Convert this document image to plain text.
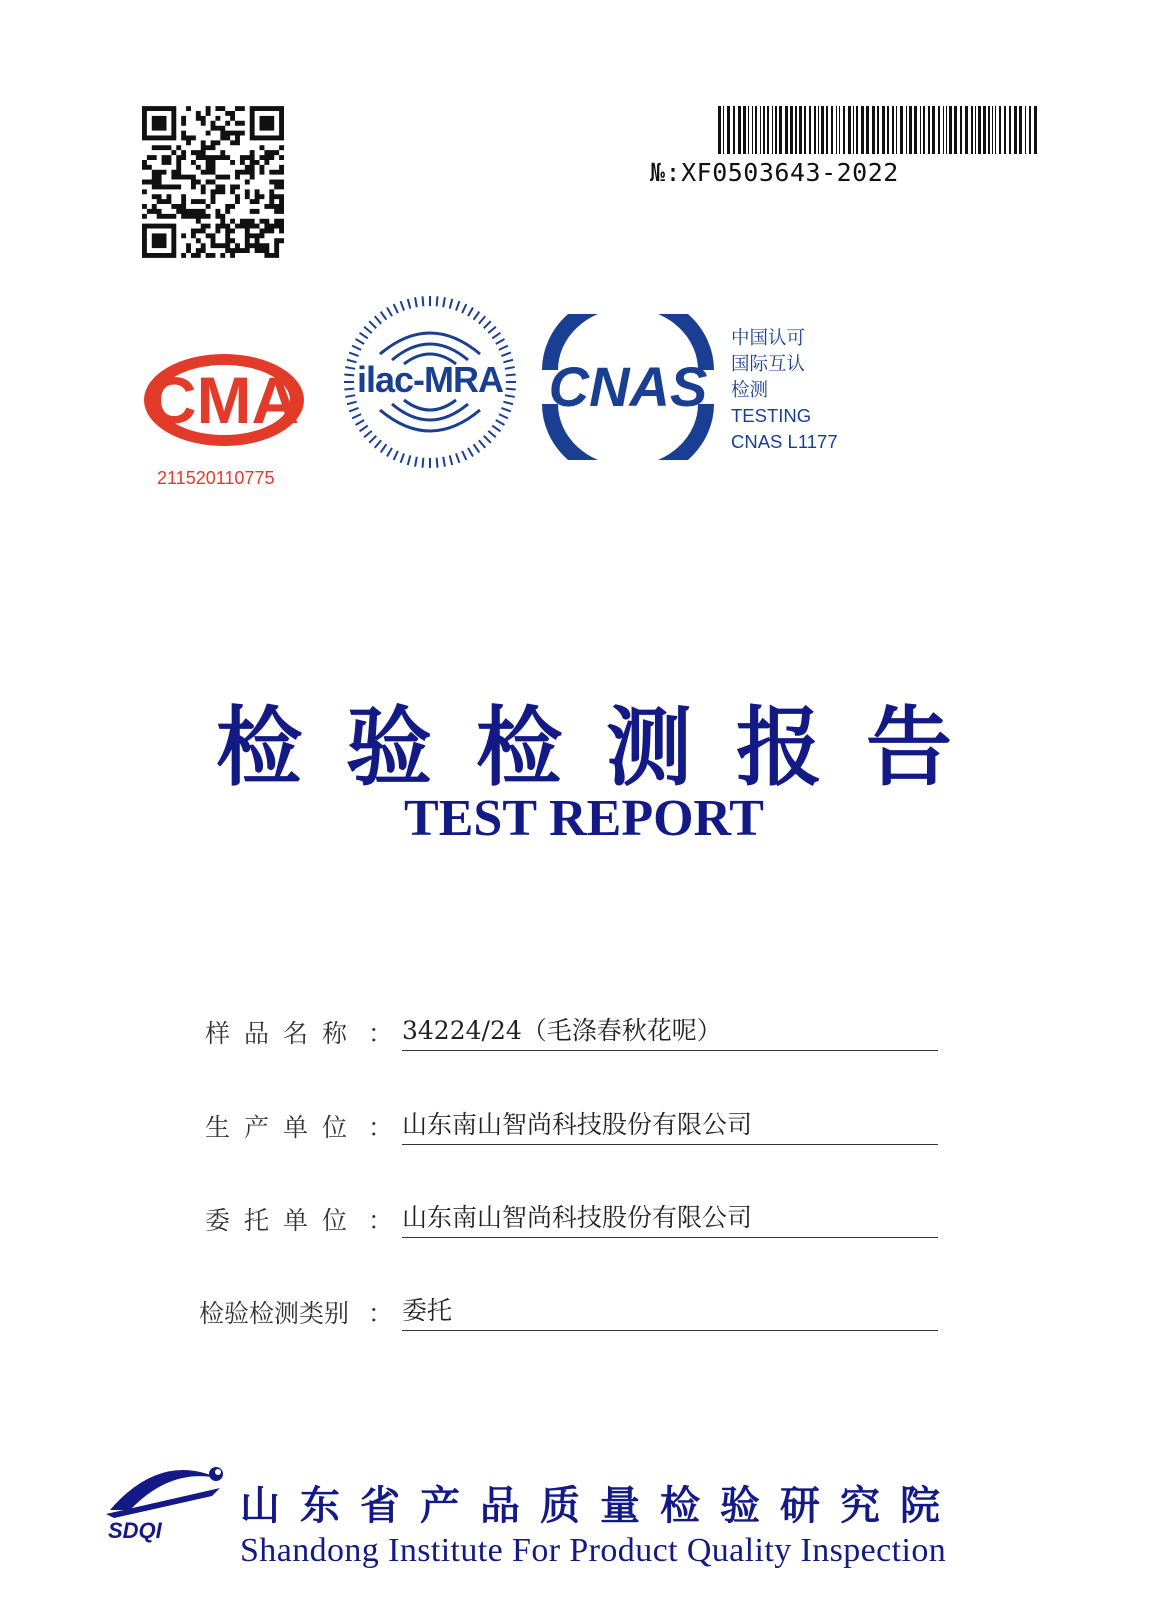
№:XF0503643-2022
CMA
211520110775
ilac-MRA CNAS
中国认可
国际互认
检测
TESTING
CNAS L1177
检验检测报告
TEST REPORT
样品名称 ： 34224/24（毛涤春秋花呢）
生产单位 ： 山东南山智尚科技股份有限公司
委托单位 ： 山东南山智尚科技股份有限公司
检验检测类别 ： 委托
SDQI
山东省产品质量检验研究院
Shandong Institute For Product Quality Inspection
